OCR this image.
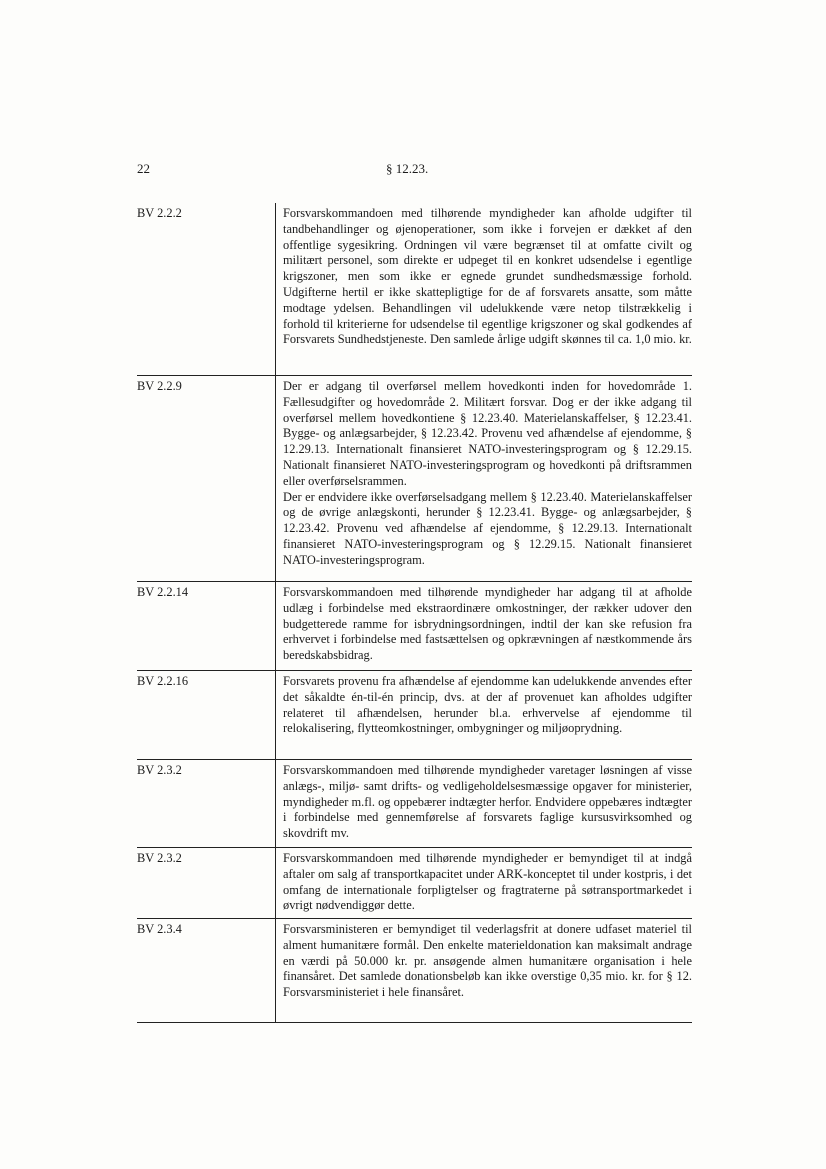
22	§ 12.23.
BV 2.2.2	Forsvarskommandoen med tilhørende myndigheder kan afholde udgifter til tandbehandlinger og øjenoperationer, som ikke i forvejen er dækket af den offentlige sygesikring. Ordningen vil være begrænset til at omfatte civilt og militært personel, som direkte er udpeget til en konkret udsendelse i egentlige krigszoner, men som ikke er egnede grundet sundhedsmæssige forhold. Udgifterne hertil er ikke skattepligtige for de af forsvarets ansatte, som måtte modtage ydelsen. Behandlingen vil udelukkende være netop tilstrækkelig i forhold til kriterierne for udsendelse til egentlige krigszoner og skal godkendes af Forsvarets Sundhedstjeneste. Den samlede årlige udgift skønnes til ca. 1,0 mio. kr.

BV 2.2.9	Der er adgang til overførsel mellem hovedkonti inden for hovedområde 1. Fællesudgifter og hovedområde 2. Militært forsvar. Dog er der ikke adgang til overførsel mellem hovedkontiene § 12.23.40. Materielanskaffelser, § 12.23.41. Bygge- og anlægsarbejder, § 12.23.42. Provenu ved afhændelse af ejendomme, § 12.29.13. Internationalt finansieret NATO-investeringsprogram og § 12.29.15. Nationalt finansieret NATO-investeringsprogram og hovedkonti på driftsrammen eller overførselsrammen.

Der er endvidere ikke overførselsadgang mellem § 12.23.40. Materielanskaffelser og de øvrige anlægskonti, herunder § 12.23.41. Bygge- og anlægsarbejder, § 12.23.42. Provenu ved afhændelse af ejendomme, § 12.29.13. Internationalt finansieret NATO-investeringsprogram og § 12.29.15. Nationalt finansieret NATO-investeringsprogram.

BV 2.2.14	Forsvarskommandoen med tilhørende myndigheder har adgang til at afholde udlæg i forbindelse med ekstraordinære omkostninger, der rækker udover den budgetterede ramme for isbrydningsordningen, indtil der kan ske refusion fra erhvervet i forbindelse med fastsættelsen og opkrævningen af næstkommende års beredskabsbidrag.

BV 2.2.16	Forsvarets provenu fra afhændelse af ejendomme kan udelukkende anvendes efter det såkaldte én-til-én princip, dvs. at der af provenuet kan afholdes udgifter relateret til afhændelsen, herunder bl.a. erhvervelse af ejendomme til relokalisering, flytteomkostninger, ombygninger og miljøoprydning.

BV 2.3.2	Forsvarskommandoen med tilhørende myndigheder varetager løsningen af visse anlægs-, miljø- samt drifts- og vedligeholdelsesmæssige opgaver for ministerier, myndigheder m.fl. og oppebærer indtægter herfor. Endvidere oppebæres indtægter i forbindelse med gennemførelse af forsvarets faglige kursusvirksomhed og skovdrift mv.

BV 2.3.2	Forsvarskommandoen med tilhørende myndigheder er bemyndiget til at indgå aftaler om salg af transportkapacitet under ARK-konceptet til under kostpris, i det omfang de internationale forpligtelser og fragtraterne på søtransportmarkedet i øvrigt nødvendiggør dette.

BV 2.3.4	Forsvarsministeren er bemyndiget til vederlagsfrit at donere udfaset materiel til alment humanitære formål. Den enkelte materieldonation kan maksimalt andrage en værdi på 50.000 kr. pr. ansøgende almen humanitære organisation i hele finansåret. Det samlede donationsbeløb kan ikke overstige 0,35 mio. kr. for § 12. Forsvarsministeriet i hele finansåret.
